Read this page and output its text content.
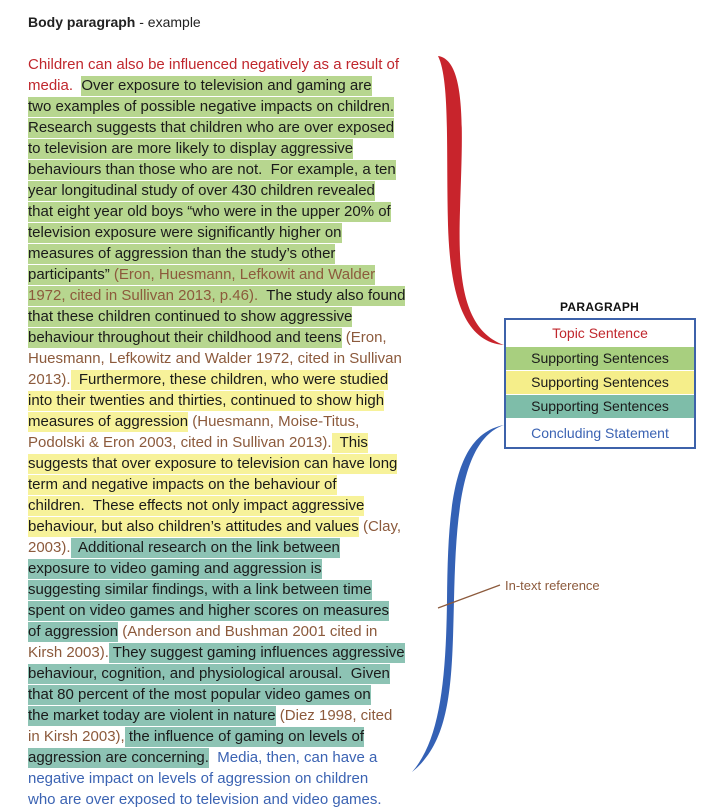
Body paragraph - example
Children can also be influenced negatively as a result of
media. Over exposure to television and gaming are
two examples of possible negative impacts on children.
Research suggests that children who are over exposed
to television are more likely to display aggressive
behaviours than those who are not.  For example, a ten
year longitudinal study of over 430 children revealed
that eight year old boys “who were in the upper 20% of
television exposure were significantly higher on
measures of aggression than the study’s other
participants” (Eron, Huesmann, Lefkowit and Walder
1972, cited in Sullivan 2013, p.46).  The study also found
that these children continued to show aggressive
behaviour throughout their childhood and teens (Eron,
Huesmann, Lefkowitz and Walder 1972, cited in Sullivan
2013).  Furthermore, these children, who were studied
into their twenties and thirties, continued to show high
measures of aggression (Huesmann, Moise-Titus,
Podolski & Eron 2003, cited in Sullivan 2013).  This
suggests that over exposure to television can have long
term and negative impacts on the behaviour of
children.  These effects not only impact aggressive
behaviour, but also children’s attitudes and values (Clay,
2003).  Additional research on the link between
exposure to video gaming and aggression is
suggesting similar findings, with a link between time
spent on video games and higher scores on measures
of aggression (Anderson and Bushman 2001 cited in
Kirsh 2003). They suggest gaming influences aggressive
behaviour, cognition, and physiological arousal.  Given
that 80 percent of the most popular video games on
the market today are violent in nature (Diez 1998, cited
in Kirsh 2003), the influence of gaming on levels of
aggression are concerning.  Media, then, can have a
negative impact on levels of aggression on children
who are over exposed to television and video games.
PARAGRAPH
Topic Sentence
Supporting Sentences
Supporting Sentences
Supporting Sentences
Concluding Statement
In-text reference
